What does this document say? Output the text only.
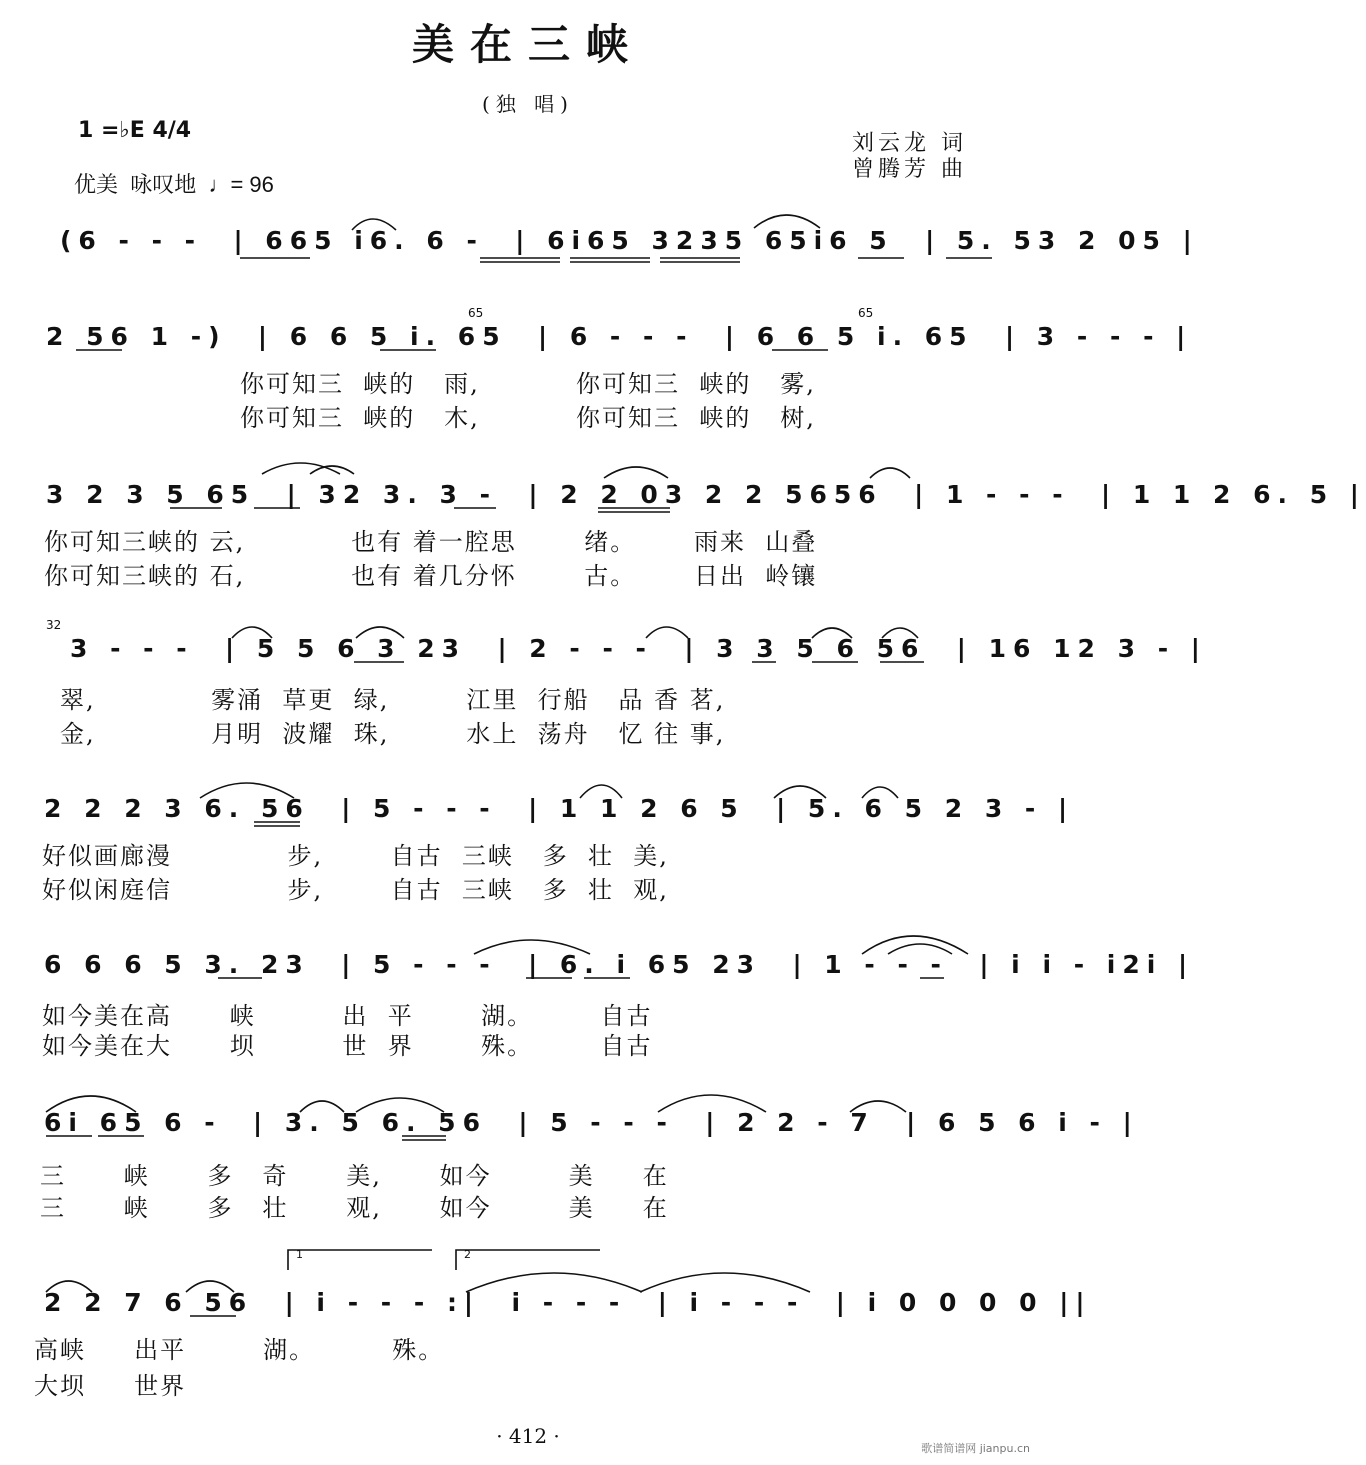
美在三峡
(独 唱)
1 =♭E 4/4
优美  咏叹地  ♩= 96
刘云龙 词
曾腾芳 曲
(6 - - -  | 665 i6. 6 -  | 6i65 3235 65i6 5  | 5. 53 2 05 |
2 56 1 -)  | 6 6 5 i. 65  | 6 - - -  | 6 6 5 i. 65  | 3 - - - |
你可知三  峡的   雨,          你可知三  峡的   雾,
你可知三  峡的   木,          你可知三  峡的   树,
3 2 3 5 65  | 32 3. 3 -  | 2 2 03 2 2 5656  | 1 - - -  | 1 1 2 6. 5 |
你可知三峡的 云,           也有 着一腔思       绪。      雨来  山叠
你可知三峡的 石,           也有 着几分怀       古。      日出  岭镶
3 - - -  | 5 5 6 3 23  | 2 - - -  | 3 3 5 6 56  | 16 12 3 - |
翠,            雾涌  草更  绿,        江里  行船   品 香 茗,
金,            月明  波耀  珠,        水上  荡舟   忆 往 事,
2 2 2 3 6. 56  | 5 - - -  | 1 1 2 6 5  | 5. 6 5 2 3 - |
好似画廊漫            步,       自古  三峡   多  壮  美,
好似闲庭信            步,       自古  三峡   多  壮  观,
6 6 6 5 3. 23  | 5 - - -  | 6. i 65 23  | 1 - - -  | i i - i2i |
如今美在高      峡         出  平       湖。       自古
如今美在大      坝         世  界       殊。       自古
6i 65 6 -  | 3. 5 6. 56  | 5 - - -  | 2 2 - 7  | 6 5 6 i - |
三      峡      多   奇      美,      如今        美     在
三      峡      多   壮      观,      如今        美     在
2 2 7 6 56  | i - - - :|  i - - -  | i - - -  | i 0 0 0 0 ||
高峡     出平        湖。        殊。
大坝     世界
65	65
32
1	2
· 412 ·
歌谱简谱网 jianpu.cn
